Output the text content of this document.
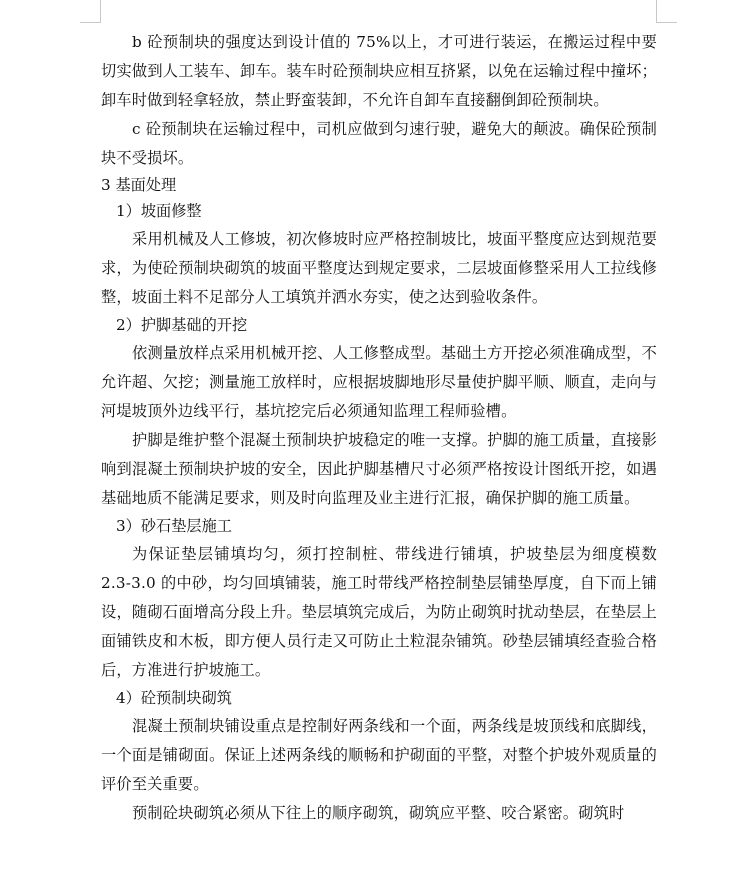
b 砼预制块的强度达到设计值的 75%以上，才可进行装运，在搬运过程中要切实做到人工装车、卸车。装车时砼预制块应相互挤紧，以免在运输过程中撞坏；卸车时做到轻拿轻放，禁止野蛮装卸，不允许自卸车直接翻倒卸砼预制块。

c 砼预制块在运输过程中，司机应做到匀速行驶，避免大的颠波。确保砼预制块不受损坏。

3 基面处理

1）坡面修整

采用机械及人工修坡，初次修坡时应严格控制坡比，坡面平整度应达到规范要求，为使砼预制块砌筑的坡面平整度达到规定要求，二层坡面修整采用人工拉线修整，坡面土料不足部分人工填筑并洒水夯实，使之达到验收条件。

2）护脚基础的开挖

依测量放样点采用机械开挖、人工修整成型。基础土方开挖必须准确成型，不允许超、欠挖；测量施工放样时，应根据坡脚地形尽量使护脚平顺、顺直，走向与河堤坡顶外边线平行，基坑挖完后必须通知监理工程师验槽。

护脚是维护整个混凝土预制块护坡稳定的唯一支撑。护脚的施工质量，直接影响到混凝土预制块护坡的安全，因此护脚基槽尺寸必须严格按设计图纸开挖，如遇基础地质不能满足要求，则及时向监理及业主进行汇报，确保护脚的施工质量。

3）砂石垫层施工

为保证垫层铺填均匀，须打控制桩、带线进行铺填，护坡垫层为细度模数 2.3-3.0 的中砂，均匀回填铺装，施工时带线严格控制垫层铺垫厚度，自下而上铺设，随砌石面增高分段上升。垫层填筑完成后，为防止砌筑时扰动垫层，在垫层上面铺铁皮和木板，即方便人员行走又可防止土粒混杂铺筑。砂垫层铺填经查验合格后，方准进行护坡施工。

4）砼预制块砌筑

混凝土预制块铺设重点是控制好两条线和一个面，两条线是坡顶线和底脚线，一个面是铺砌面。保证上述两条线的顺畅和护砌面的平整，对整个护坡外观质量的评价至关重要。

预制砼块砌筑必须从下往上的顺序砌筑，砌筑应平整、咬合紧密。砌筑时
